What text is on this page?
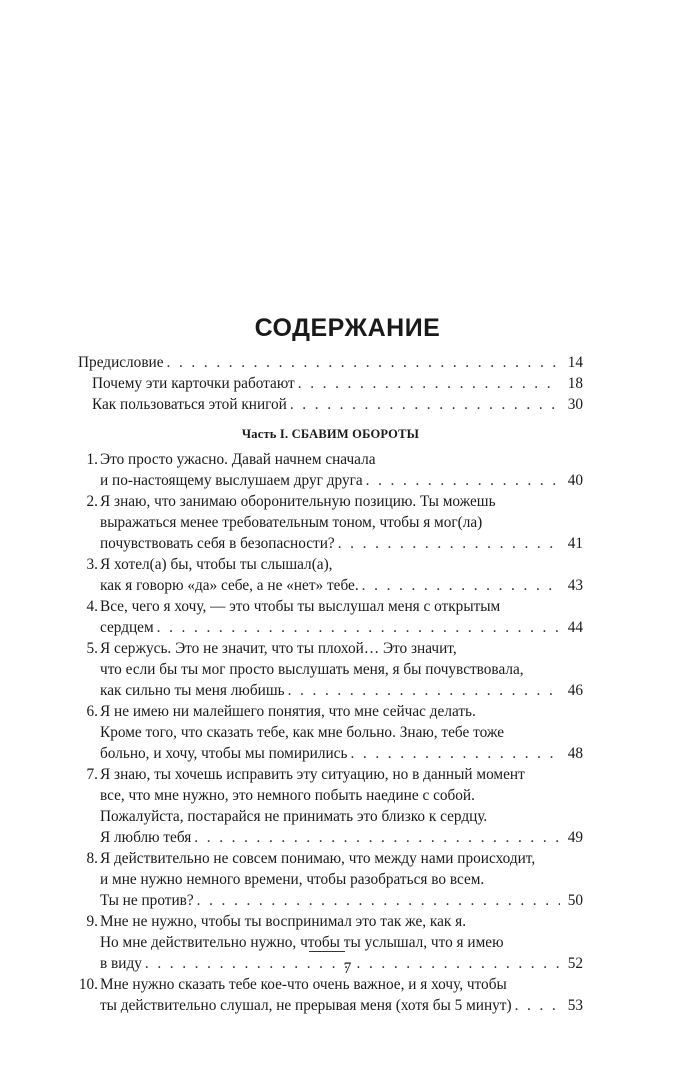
СОДЕРЖАНИЕ
Предисловие . . .	14
Почему эти карточки работают . . .	18
Как пользоваться этой книгой . . .	30
Часть I. СБАВИМ ОБОРОТЫ
1. Это просто ужасно. Давай начнем сначала
и по-настоящему выслушаем друг друга . . .	40
2. Я знаю, что занимаю оборонительную позицию. Ты можешь
выражаться менее требовательным тоном, чтобы я мог(ла)
почувствовать себя в безопасности? . . .	41
3. Я хотел(а) бы, чтобы ты слышал(а),
как я говорю «да» себе, а не «нет» тебе. . . .	43
4. Все, чего я хочу, — это чтобы ты выслушал меня с открытым
сердцем . . .	44
5. Я сержусь. Это не значит, что ты плохой… Это значит,
что если бы ты мог просто выслушать меня, я бы почувствовала,
как сильно ты меня любишь . . .	46
6. Я не имею ни малейшего понятия, что мне сейчас делать.
Кроме того, что сказать тебе, как мне больно. Знаю, тебе тоже
больно, и хочу, чтобы мы помирились . . .	48
7. Я знаю, ты хочешь исправить эту ситуацию, но в данный момент
все, что мне нужно, это немного побыть наедине с собой.
Пожалуйста, постарайся не принимать это близко к сердцу.
Я люблю тебя . . .	49
8. Я действительно не совсем понимаю, что между нами происходит,
и мне нужно немного времени, чтобы разобраться во всем.
Ты не против? . . .	50
9. Мне не нужно, чтобы ты воспринимал это так же, как я.
Но мне действительно нужно, чтобы ты услышал, что я имею
в виду . . .	52
10. Мне нужно сказать тебе кое-что очень важное, и я хочу, чтобы
ты действительно слушал, не прерывая меня (хотя бы 5 минут) . . .	53
7
